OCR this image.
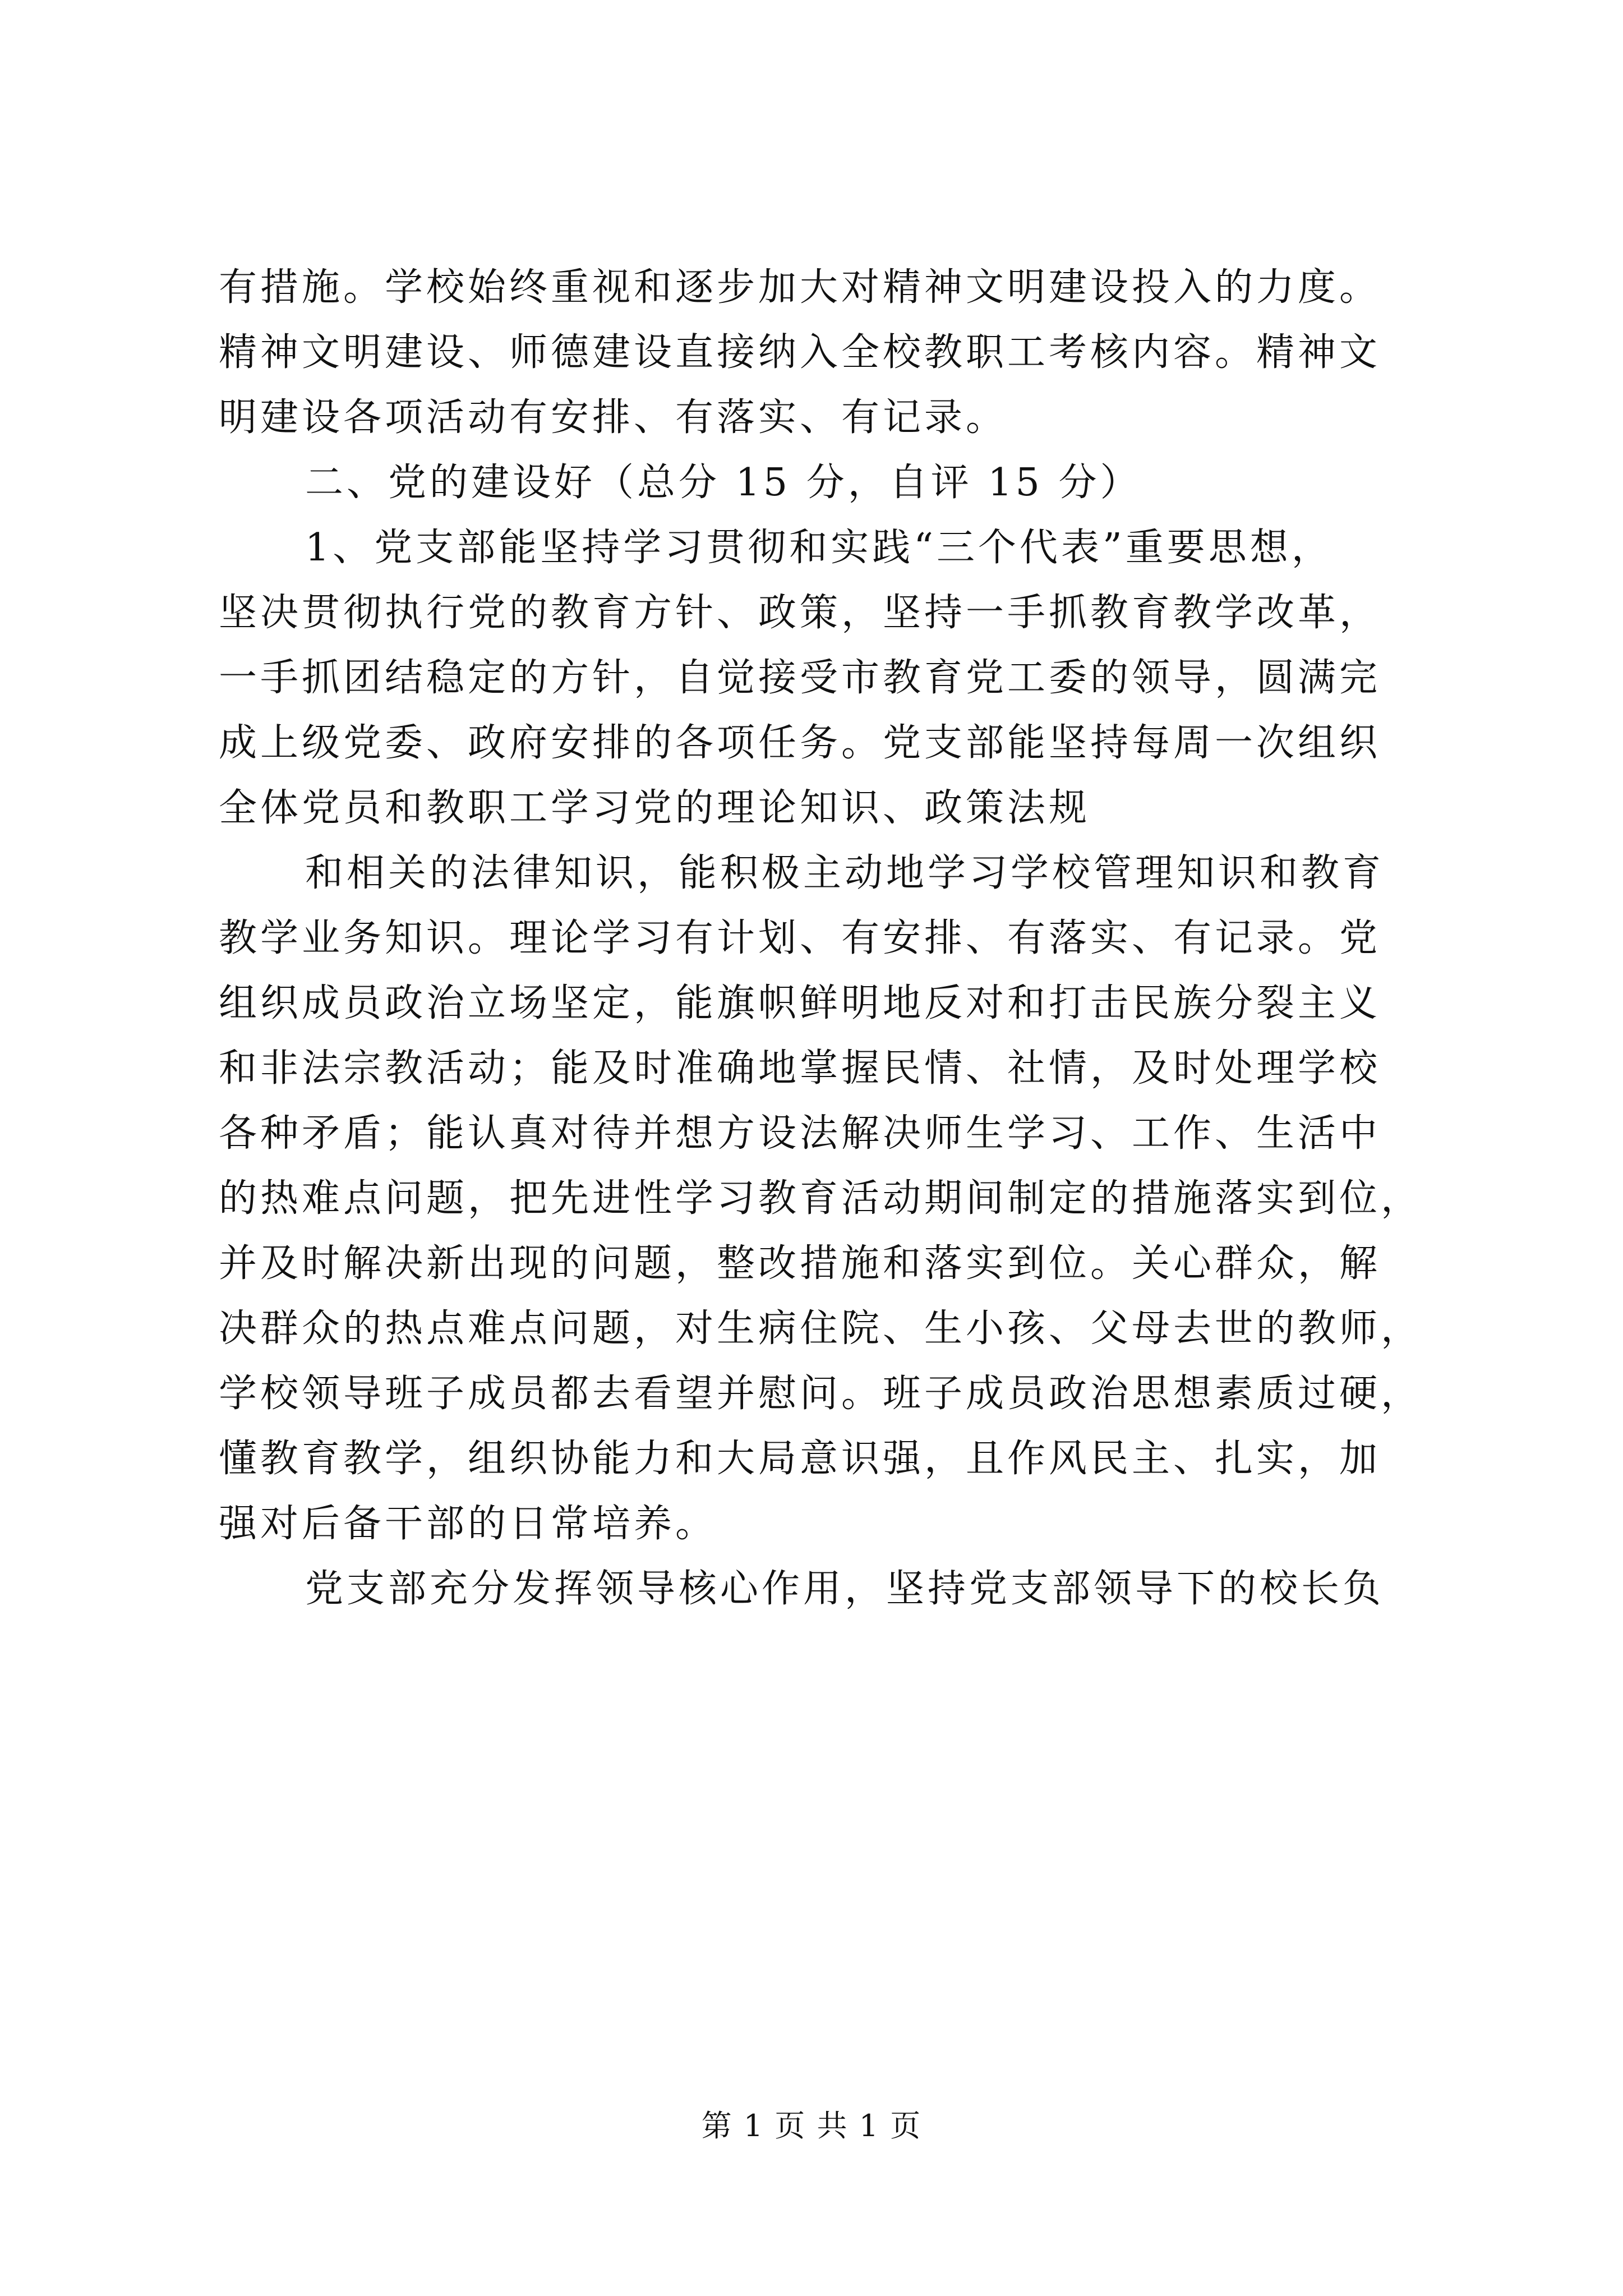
有措施。学校始终重视和逐步加大对精神文明建设投入的力度。
精神文明建设、师德建设直接纳入全校教职工考核内容。精神文
明建设各项活动有安排、有落实、有记录。
二、党的建设好（总分 15 分，自评 15 分）
1、党支部能坚持学习贯彻和实践“三个代表”重要思想，
坚决贯彻执行党的教育方针、政策，坚持一手抓教育教学改革，
一手抓团结稳定的方针，自觉接受市教育党工委的领导，圆满完
成上级党委、政府安排的各项任务。党支部能坚持每周一次组织
全体党员和教职工学习党的理论知识、政策法规
和相关的法律知识，能积极主动地学习学校管理知识和教育
教学业务知识。理论学习有计划、有安排、有落实、有记录。党
组织成员政治立场坚定，能旗帜鲜明地反对和打击民族分裂主义
和非法宗教活动；能及时准确地掌握民情、社情，及时处理学校
各种矛盾；能认真对待并想方设法解决师生学习、工作、生活中
的热难点问题，把先进性学习教育活动期间制定的措施落实到位，
并及时解决新出现的问题，整改措施和落实到位。关心群众，解
决群众的热点难点问题，对生病住院、生小孩、父母去世的教师，
学校领导班子成员都去看望并慰问。班子成员政治思想素质过硬，
懂教育教学，组织协能力和大局意识强，且作风民主、扎实，加
强对后备干部的日常培养。
党支部充分发挥领导核心作用，坚持党支部领导下的校长负
第 1 页 共 1 页
